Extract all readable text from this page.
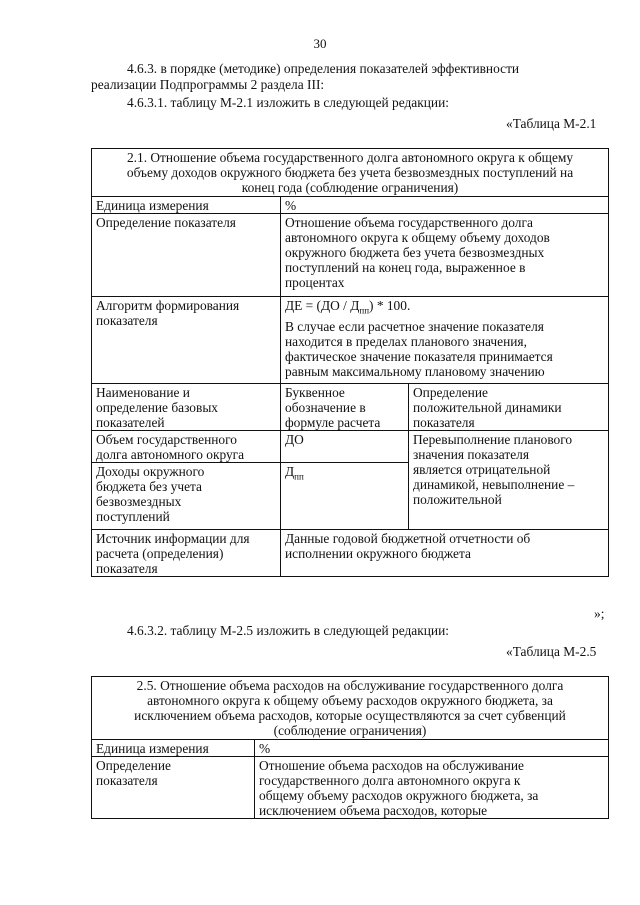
30
4.6.3. в порядке (методике) определения показателей эффективности
реализации Подпрограммы 2 раздела III:
4.6.3.1. таблицу М-2.1 изложить в следующей редакции:
«Таблица М-2.1
2.1. Отношение объема государственного долга автономного округа к общему
объему доходов окружного бюджета без учета безвозмездных поступлений на
конец года (соблюдение ограничения)		

Единица измерения	%	
Определение показателя	Отношение объема государственного долга
автономного округа к общему объему доходов
окружного бюджета без учета безвозмездных
поступлений на конец года, выраженное в
процентах	

Алгоритм формирования
показателя	ДЕ = $(ДО / Д_{пп}) * 100$.
В случае если расчетное значение показателя
находится в пределах планового значения,
фактическое значение показателя принимается
равным максимальному плановому значению	

Наименование и
определение базовых
показателей	Буквенное
обозначение в
формуле расчета	Определение
положительной динамики
показателя

Объем государственного
долга автономного округа	ДО	Перевыполнение планового
значения показателя
является отрицательной
динамикой, невыполнение –
положительной

Доходы окружного
бюджета без учета
безвозмездных
поступлений	$Д_{пп}$

Источник информации для
расчета (определения)
показателя	Данные годовой бюджетной отчетности об
исполнении окружного бюджета	
»;
4.6.3.2. таблицу М-2.5 изложить в следующей редакции:
«Таблица М-2.5
2.5. Отношение объема расходов на обслуживание государственного долга
автономного округа к общему объему расходов окружного бюджета, за
исключением объема расходов, которые осуществляются за счет субвенций
(соблюдение ограничения)	

Единица измерения	%

Определение
показателя	Отношение объема расходов на обслуживание
государственного долга автономного округа к
общему объему расходов окружного бюджета, за
исключением объема расходов, которые
